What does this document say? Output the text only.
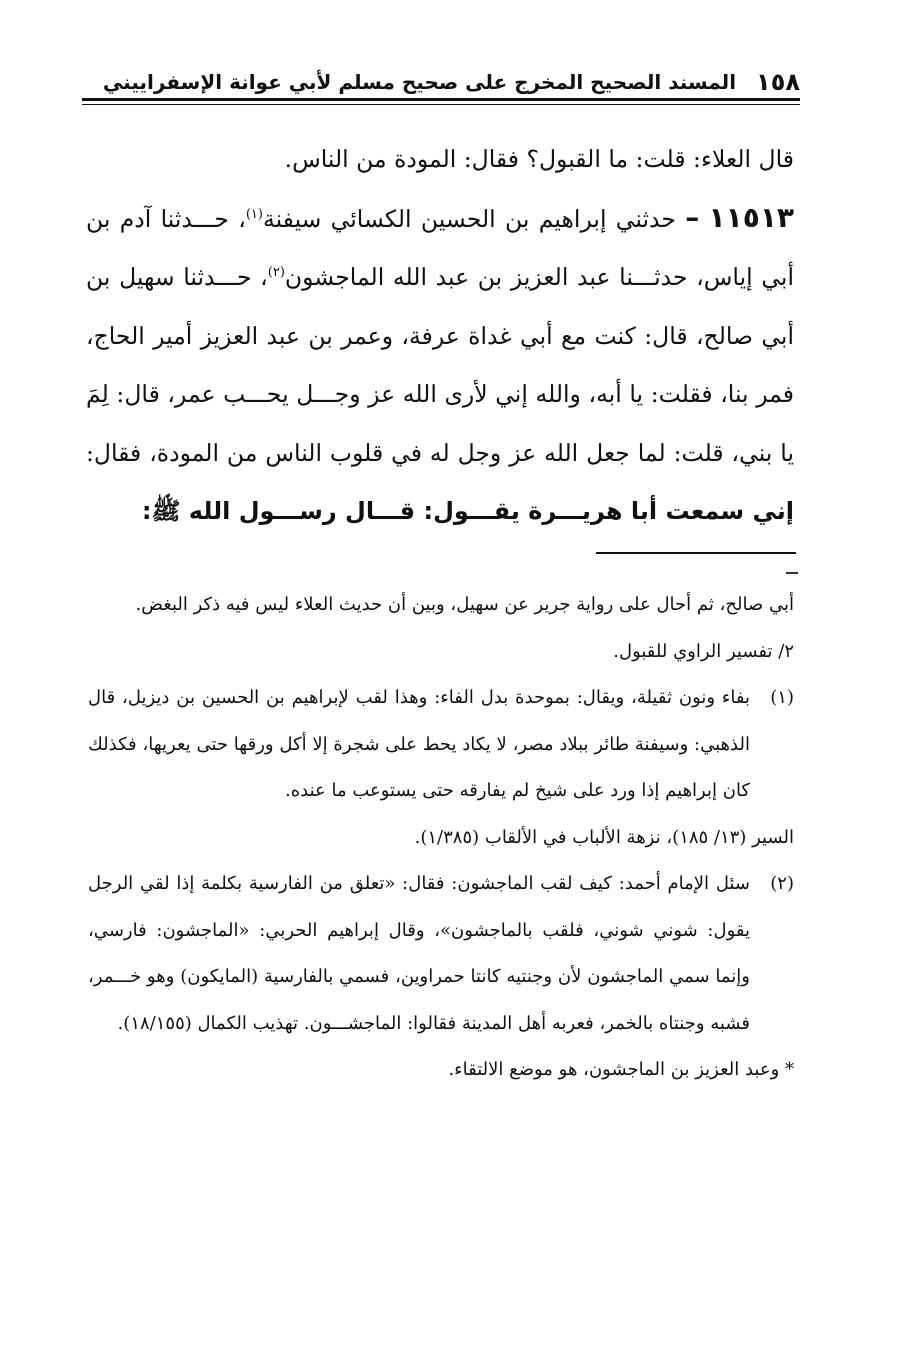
١٥٨
المسند الصحيح المخرج على صحيح مسلم لأبي عوانة الإسفراييني

قال العلاء: قلت: ما القبول؟ فقال: المودة من الناس.

١١٥١٣ – حدثني إبراهيم بن الحسين الكسائي سيفنة$^{(١)}$، حـــدثنا آدم بن أبي إياس، حدثـــنا عبد العزيز بن عبد الله الماجشون$^{(٢)}$، حـــدثنا سهيل بن أبي صالح، قال: كنت مع أبي غداة عرفة، وعمر بن عبد العزيز أمير الحاج، فمر بنا، فقلت: يا أبه، والله إني لأرى الله عز وجـــل يحـــب عمر، قال: لِمَ يا بني، قلت: لما جعل الله عز وجل له في قلوب الناس من المودة، فقال: إني سمعت أبا هريـــرة يقـــول: قـــال رســـول الله ﷺ:

أبي صالح، ثم أحال على رواية جرير عن سهيل، وبين أن حديث العلاء ليس فيه ذكر البغض.

٢/ تفسير الراوي للقبول.

(١)
بفاء ونون ثقيلة، ويقال: بموحدة بدل الفاء: وهذا لقب لإبراهيم بن الحسين بن ديزيل، قال الذهبي: وسيفنة طائر ببلاد مصر، لا يكاد يحط على شجرة إلا أكل ورقها حتى يعريها، فكذلك كان إبراهيم إذا ورد على شيخ لم يفارقه حتى يستوعب ما عنده.

السير (١٣/ ١٨٥)، نزهة الألباب في الألقاب (١/٣٨٥).

(٢)
سئل الإمام أحمد: كيف لقب الماجشون: فقال: «تعلق من الفارسية بكلمة إذا لقي الرجل يقول: شوني شوني، فلقب بالماجشون»، وقال إبراهيم الحربي: «الماجشون: فارسي، وإنما سمي الماجشون لأن وجنتيه كانتا حمراوين، فسمي بالفارسية (المايكون) وهو خـــمر، فشبه وجنتاه بالخمر، فعربه أهل المدينة فقالوا: الماجشـــون. تهذيب الكمال (١٨/١٥٥).

* وعبد العزيز بن الماجشون، هو موضع الالتقاء.
